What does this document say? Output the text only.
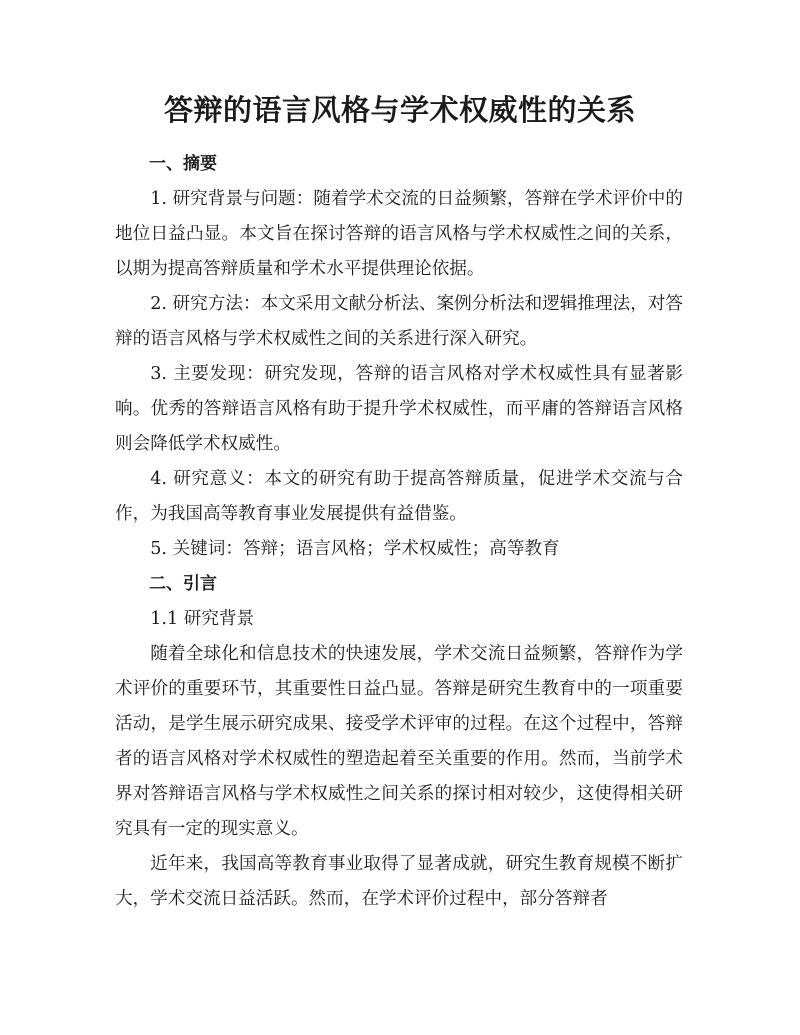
答辩的语言风格与学术权威性的关系

一、摘要

1. 研究背景与问题：随着学术交流的日益频繁，答辩在学术评价中的地位日益凸显。本文旨在探讨答辩的语言风格与学术权威性之间的关系，以期为提高答辩质量和学术水平提供理论依据。

2. 研究方法：本文采用文献分析法、案例分析法和逻辑推理法，对答辩的语言风格与学术权威性之间的关系进行深入研究。

3. 主要发现：研究发现，答辩的语言风格对学术权威性具有显著影响。优秀的答辩语言风格有助于提升学术权威性，而平庸的答辩语言风格则会降低学术权威性。

4. 研究意义：本文的研究有助于提高答辩质量，促进学术交流与合作，为我国高等教育事业发展提供有益借鉴。

5. 关键词：答辩；语言风格；学术权威性；高等教育

二、引言

1.1 研究背景

随着全球化和信息技术的快速发展，学术交流日益频繁，答辩作为学术评价的重要环节，其重要性日益凸显。答辩是研究生教育中的一项重要活动，是学生展示研究成果、接受学术评审的过程。在这个过程中，答辩者的语言风格对学术权威性的塑造起着至关重要的作用。然而，当前学术界对答辩语言风格与学术权威性之间关系的探讨相对较少，这使得相关研究具有一定的现实意义。

近年来，我国高等教育事业取得了显著成就，研究生教育规模不断扩大，学术交流日益活跃。然而，在学术评价过程中，部分答辩者
